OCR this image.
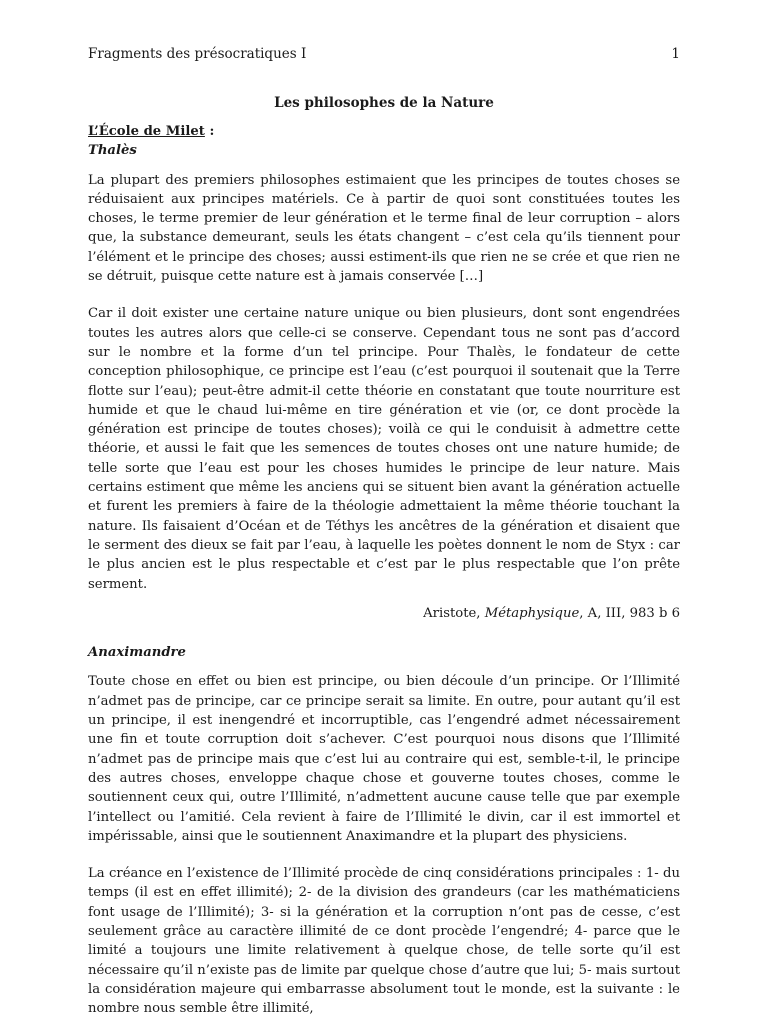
Fragments des présocratiques I	1
Les philosophes de la Nature
L’École de Milet :
Thalès

La plupart des premiers philosophes estimaient que les principes de toutes choses se réduisaient aux principes matériels. Ce à partir de quoi sont constituées toutes les choses, le terme premier de leur génération et le terme final de leur corruption – alors que, la substance demeurant, seuls les états changent – c’est cela qu’ils tiennent pour l’élément et le principe des choses; aussi estiment-ils que rien ne se crée et que rien ne se détruit, puisque cette nature est à jamais conservée […]

Car il doit exister une certaine nature unique ou bien plusieurs, dont sont engendrées toutes les autres alors que celle-ci se conserve. Cependant tous ne sont pas d’accord sur le nombre et la forme d’un tel principe. Pour Thalès, le fondateur de cette conception philosophique, ce principe est l’eau (c’est pourquoi il soutenait que la Terre flotte sur l’eau); peut-être admit-il cette théorie en constatant que toute nourriture est humide et que le chaud lui-même en tire génération et vie (or, ce dont procède la génération est principe de toutes choses); voilà ce qui le conduisit à admettre cette théorie, et aussi le fait que les semences de toutes choses ont une nature humide; de telle sorte que l’eau est pour les choses humides le principe de leur nature. Mais certains estiment que même les anciens qui se situent bien avant la génération actuelle et furent les premiers à faire de la théologie admettaient la même théorie touchant la nature. Ils faisaient d’Océan et de Téthys les ancêtres de la génération et disaient que le serment des dieux se fait par l’eau, à laquelle les poètes donnent le nom de Styx : car le plus ancien est le plus respectable et c’est par le plus respectable que l’on prête serment.

Aristote, Métaphysique, A, III, 983 b 6
Anaximandre

Toute chose en effet ou bien est principe, ou bien découle d’un principe. Or l’Illimité n’admet pas de principe, car ce principe serait sa limite. En outre, pour autant qu’il est un principe, il est inengendré et incorruptible, cas l’engendré admet nécessairement une fin et toute corruption doit s’achever. C’est pourquoi nous disons que l’Illimité n’admet pas de principe mais que c’est lui au contraire qui est, semble-t-il, le principe des autres choses, enveloppe chaque chose et gouverne toutes choses, comme le soutiennent ceux qui, outre l’Illimité, n’admettent aucune cause telle que par exemple l’intellect ou l’amitié. Cela revient à faire de l’Illimité le divin, car il est immortel et impérissable, ainsi que le soutiennent Anaximandre et la plupart des physiciens.

La créance en l’existence de l’Illimité procède de cinq considérations principales : 1- du temps (il est en effet illimité); 2- de la division des grandeurs (car les mathématiciens font usage de l’Illimité); 3- si la génération et la corruption n’ont pas de cesse, c’est seulement grâce au caractère illimité de ce dont procède l’engendré; 4- parce que le limité a toujours une limite relativement à quelque chose, de telle sorte qu’il est nécessaire qu’il n’existe pas de limite par quelque chose d’autre que lui; 5- mais surtout la considération majeure qui embarrasse absolument tout le monde, est la suivante : le nombre nous semble être illimité,
